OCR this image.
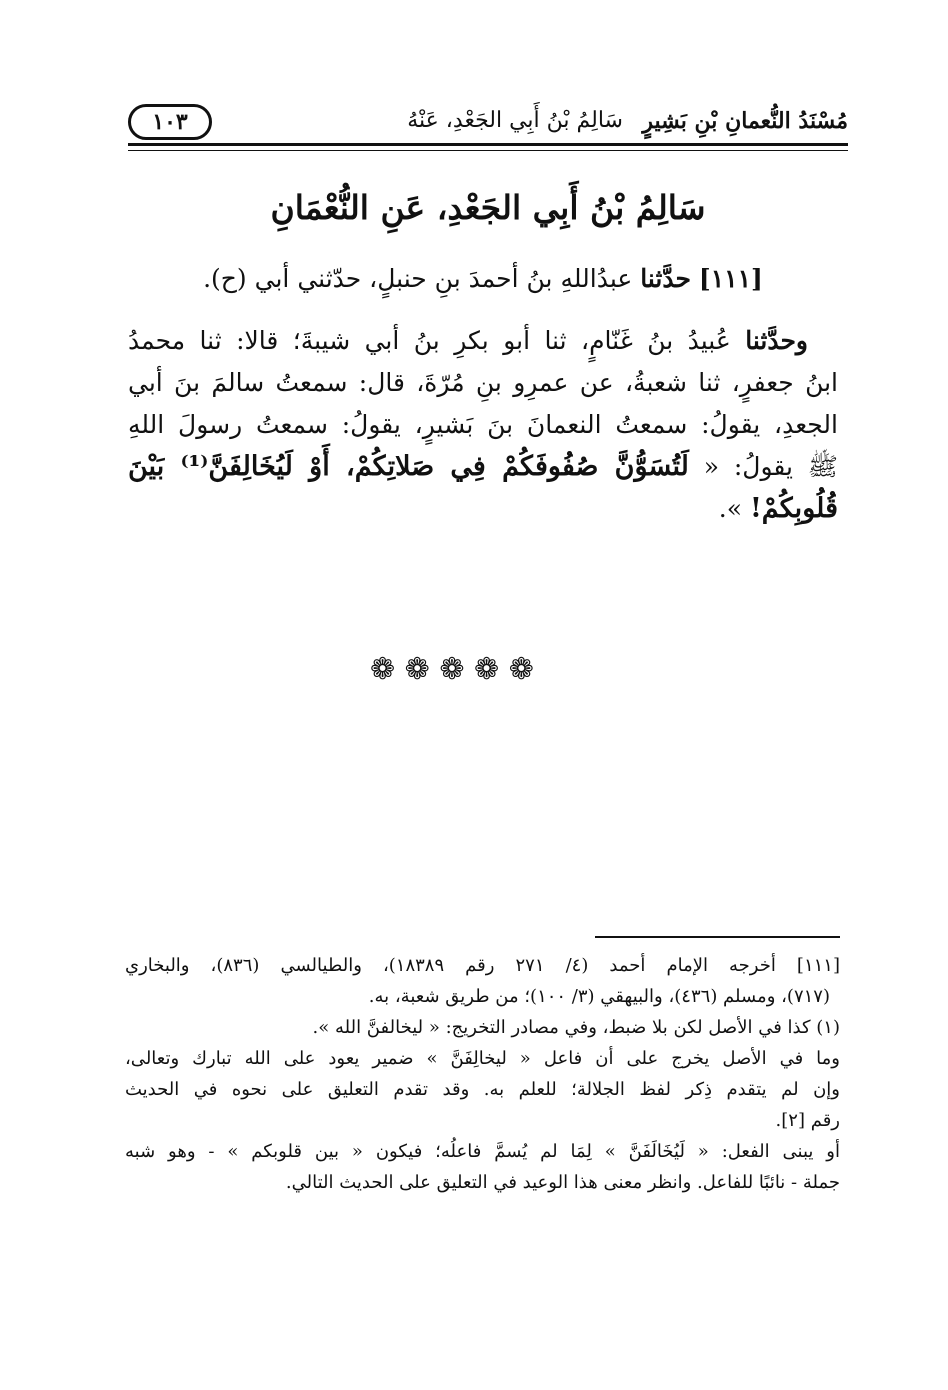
مُسْنَدُ النُّعمانِ بْنِ بَشِيرٍ
سَالِمُ بْنُ أَبِي الجَعْدِ، عَنْهُ
١٠٣
سَالِمُ بْنُ أَبِي الجَعْدِ، عَنِ النُّعْمَانِ
[١١١] حدَّثنا عبدُاللهِ بنُ أحمدَ بنِ حنبلٍ، حدّثني أبي (ح).
وحدَّثنا عُبيدُ بنُ غَنّامٍ، ثنا أبو بكرِ بنُ أبي شيبةَ؛ قالا: ثنا محمدُ
ابنُ جعفرٍ، ثنا شعبةُ، عن عمرِو بنِ مُرّةَ، قال: سمعتُ سالمَ بنَ أبي
الجعدِ، يقولُ: سمعتُ النعمانَ بنَ بَشيرٍ، يقولُ: سمعتُ رسولَ اللهِ
ﷺ يقولُ: « لَتُسَوُّنَّ صُفُوفَكُمْ فِي صَلاتِكُمْ، أَوْ لَيُخَالِفَنَّ⁽¹⁾ بَيْنَ
قُلُوبِكُمْ! ».
❁ ❁ ❁ ❁ ❁
[١١١] أخرجه الإمام أحمد (٤/ ٢٧١ رقم ١٨٣٨٩)، والطيالسي (٨٣٦)، والبخاري
(٧١٧)، ومسلم (٤٣٦)، والبيهقي (٣/ ١٠٠)؛ من طريق شعبة، به.
(١) كذا في الأصل لكن بلا ضبط، وفي مصادر التخريج: « ليخالفنَّ الله ».
وما في الأصل يخرج على أن فاعل « ليخالِفَنَّ » ضمير يعود على الله تبارك وتعالى،
وإن لم يتقدم ذِكر لفظ الجلالة؛ للعلم به. وقد تقدم التعليق على نحوه في الحديث
رقم [٢].
أو يبنى الفعل: « لَيُخَالَفَنَّ » لِمَا لم يُسمَّ فاعلُه؛ فيكون « بين قلوبكم » - وهو شبه
جملة - نائبًا للفاعل. وانظر معنى هذا الوعيد في التعليق على الحديث التالي.
